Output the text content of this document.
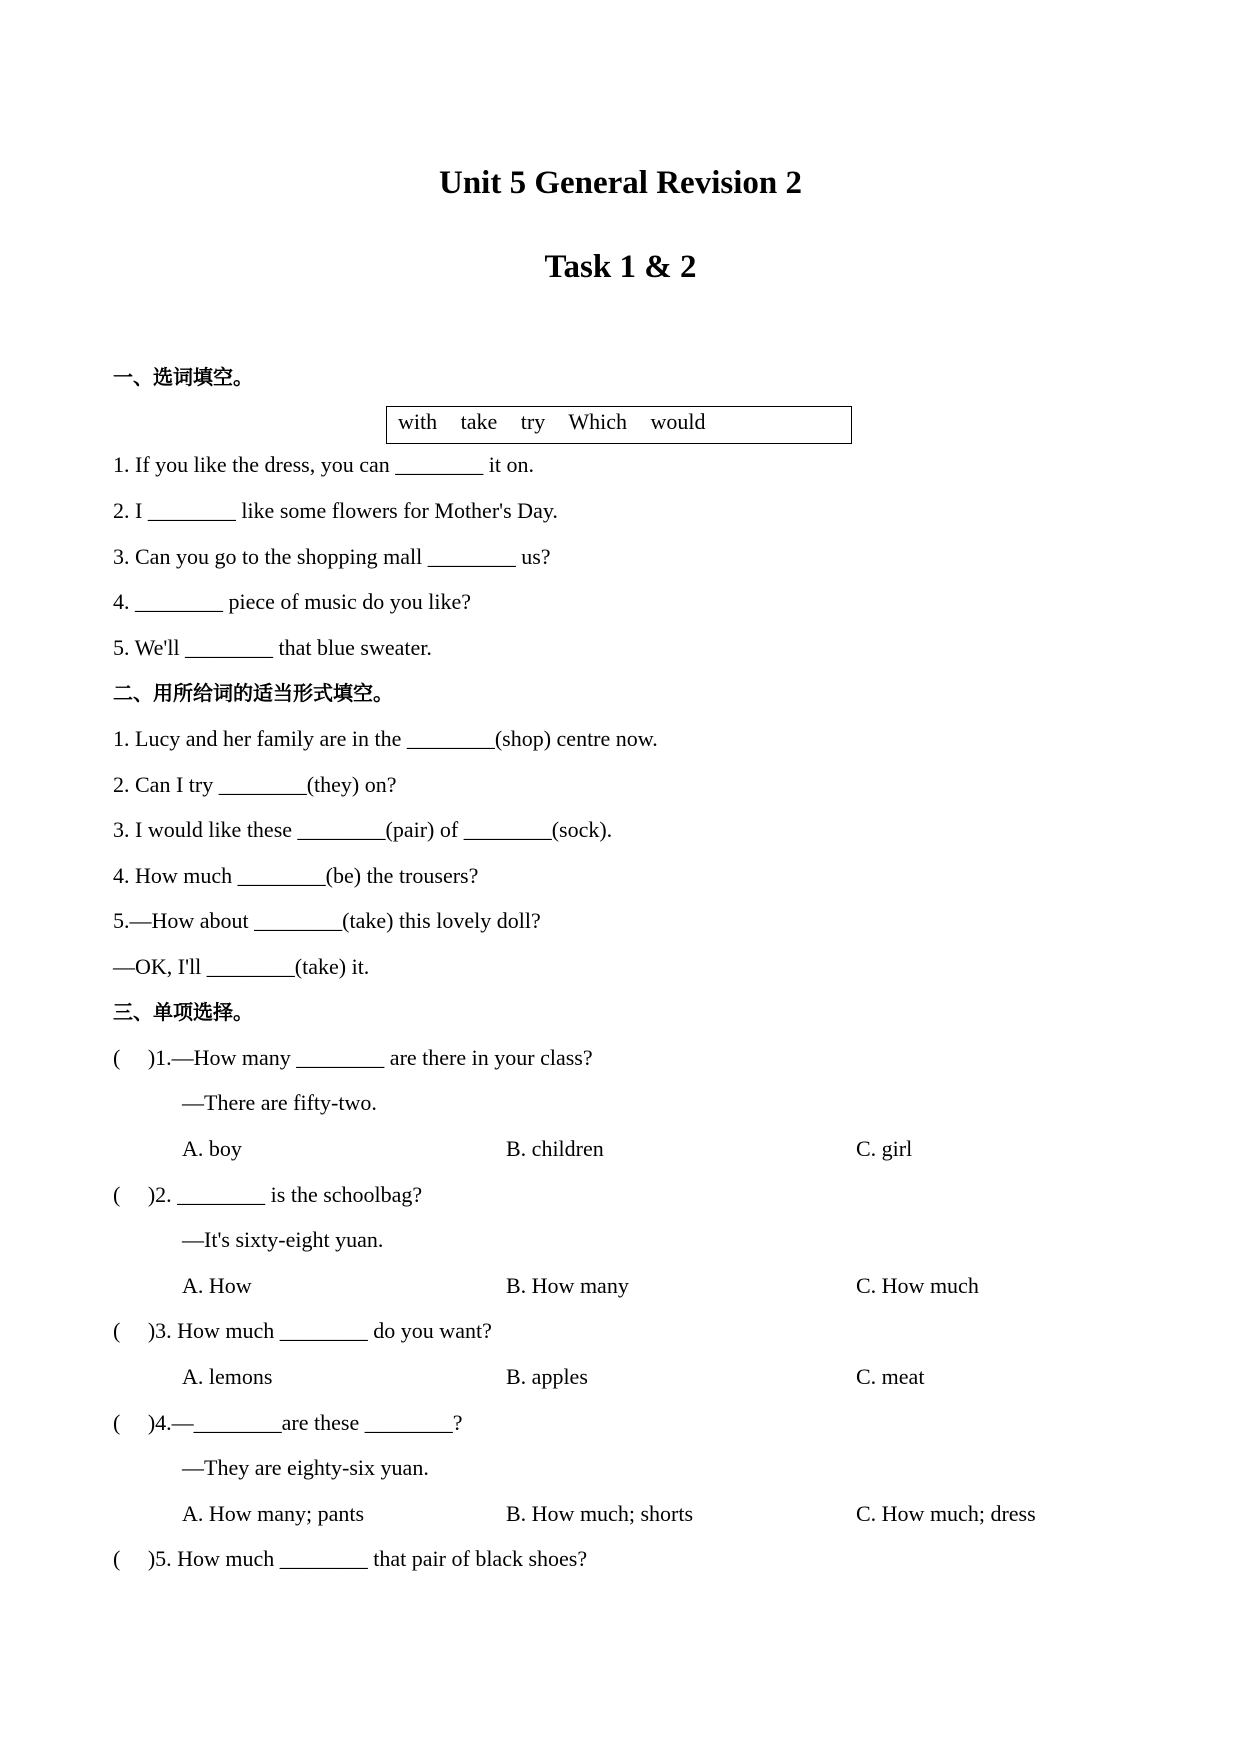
Unit 5 General Revision 2
Task 1 & 2
一、选词填空。
with take try Which would
1. If you like the dress, you can ________ it on.
2. I ________ like some flowers for Mother's Day.
3. Can you go to the shopping mall ________ us?
4. ________ piece of music do you like?
5. We'll ________ that blue sweater.
二、用所给词的适当形式填空。
1. Lucy and her family are in the ________(shop) centre now.
2. Can I try ________(they) on?
3. I would like these ________(pair) of ________(sock).
4. How much ________(be) the trousers?
5.—How about ________(take) this lovely doll?
—OK, I'll ________(take) it.
三、单项选择。
(     )1.—How many ________ are there in your class?
—There are fifty-two.
A. boy	B. children	C. girl
(     )2. ________ is the schoolbag?
—It's sixty-eight yuan.
A. How	B. How many	C. How much
(     )3. How much ________ do you want?
A. lemons	B. apples	C. meat
(     )4.—________are these ________?
—They are eighty-six yuan.
A. How many; pants	B. How much; shorts	C. How much; dress
(     )5. How much ________ that pair of black shoes?
